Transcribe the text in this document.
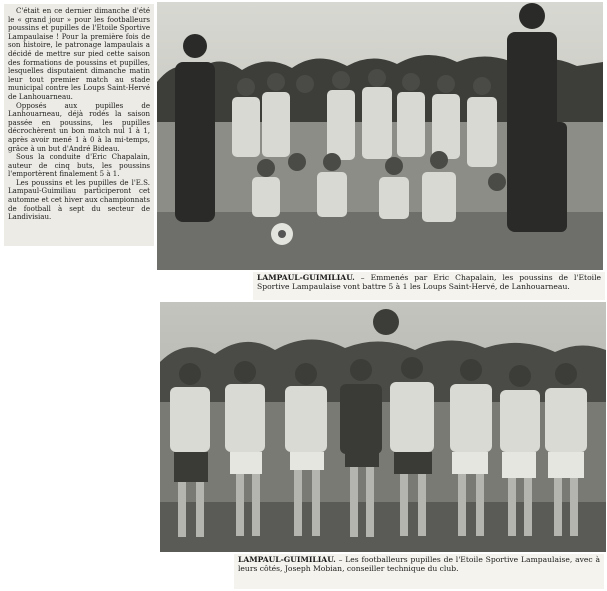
C'était en ce dernier dimanche d'été le « grand jour » pour les footballeurs poussins et pupilles de l'Etoile Sportive Lampaulaise ! Pour la première fois de son histoire, le patronage lampaulais a décidé de mettre sur pied cette saison des formations de poussins et pupilles, lesquelles disputaient dimanche matin leur tout premier match au stade municipal contre les Loups Saint-Hervé de Lanhouarneau.

Opposés aux pupilles de Lanhouarneau, déjà rodés la saison passée en poussins, les pupilles décrochèrent un bon match nul 1 à 1, après avoir mené 1 à 0 à la mi-temps, grâce à un but d'André Bideau.

Sous la conduite d'Eric Chapalain, auteur de cinq buts, les poussins l'emportèrent finalement 5 à 1.

Les poussins et les pupilles de l'E.S. Lampaul-Guimiliau participeront cet automne et cet hiver aux championnats de football à sept du secteur de Landivisiau.

LAMPAUL-GUIMILIAU. – Emmenés par Eric Chapalain, les poussins de l'Etoile Sportive Lampaulaise vont battre 5 à 1 les Loups Saint-Hervé, de Lanhouarneau.
LAMPAUL-GUIMILIAU. – Les footballeurs pupilles de l'Etoile Sportive Lampaulaise, avec à leurs côtés, Joseph Mobian, conseiller technique du club.
